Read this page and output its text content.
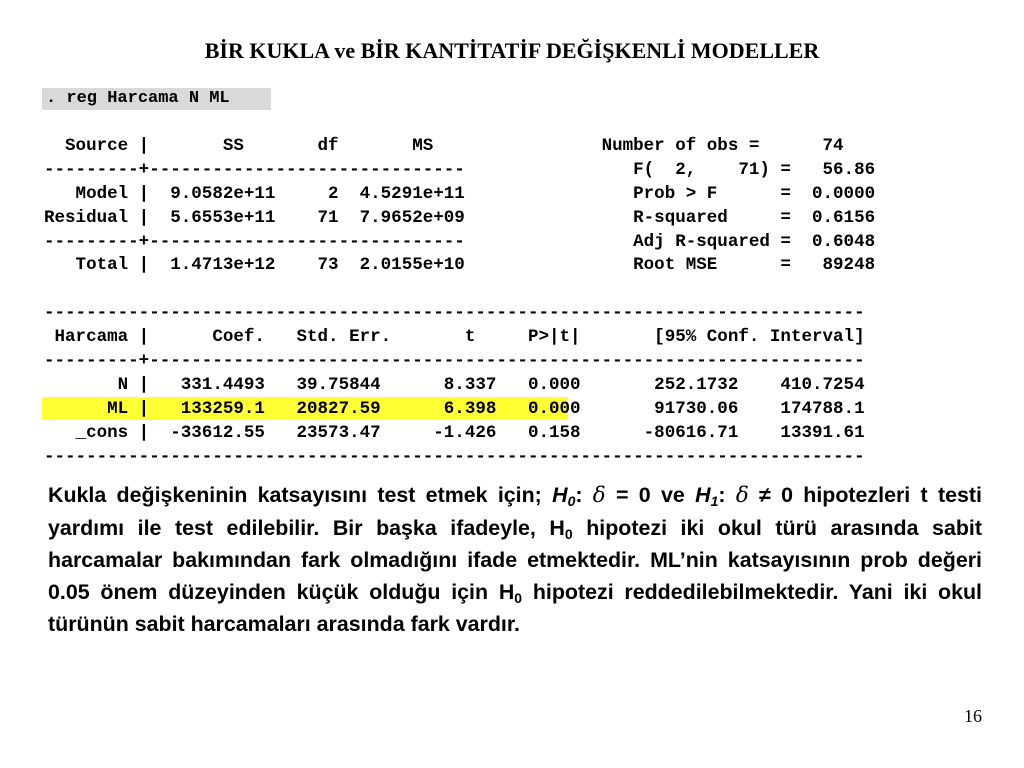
BİR KUKLA ve BİR KANTİTATİF DEĞİŞKENLİ MODELLER
. reg Harcama N ML
Source |       SS       df       MS                Number of obs =      74
---------+------------------------------                F(  2,    71) =   56.86
Model |  9.0582e+11     2  4.5291e+11                Prob > F      =  0.0000
Residual |  5.6553e+11    71  7.9652e+09                R-squared     =  0.6156
---------+------------------------------                Adj R-squared =  0.6048
Total |  1.4713e+12    73  2.0155e+10                Root MSE      =   89248
------------------------------------------------------------------------------
Harcama |      Coef.   Std. Err.       t     P>|t|       [95% Conf. Interval]
---------+--------------------------------------------------------------------
N |   331.4493   39.75844      8.337   0.000       252.1732    410.7254
ML |   133259.1   20827.59      6.398   0.000       91730.06    174788.1
_cons |  -33612.55   23573.47     -1.426   0.158      -80616.71    13391.61
------------------------------------------------------------------------------

Kukla değişkeninin katsayısını test etmek için; $H_0$: δ = 0 ve $H_1$: δ ≠ 0 hipotezleri t testi yardımı ile test edilebilir. Bir başka ifadeyle, $H_0$ hipotezi iki okul türü arasında sabit harcamalar bakımından fark olmadığını ifade etmektedir. ML’nin katsayısının prob değeri 0.05 önem düzeyinden küçük olduğu için $H_0$ hipotezi reddedilebilmektedir. Yani iki okul türünün sabit harcamaları arasında fark vardır.

16
